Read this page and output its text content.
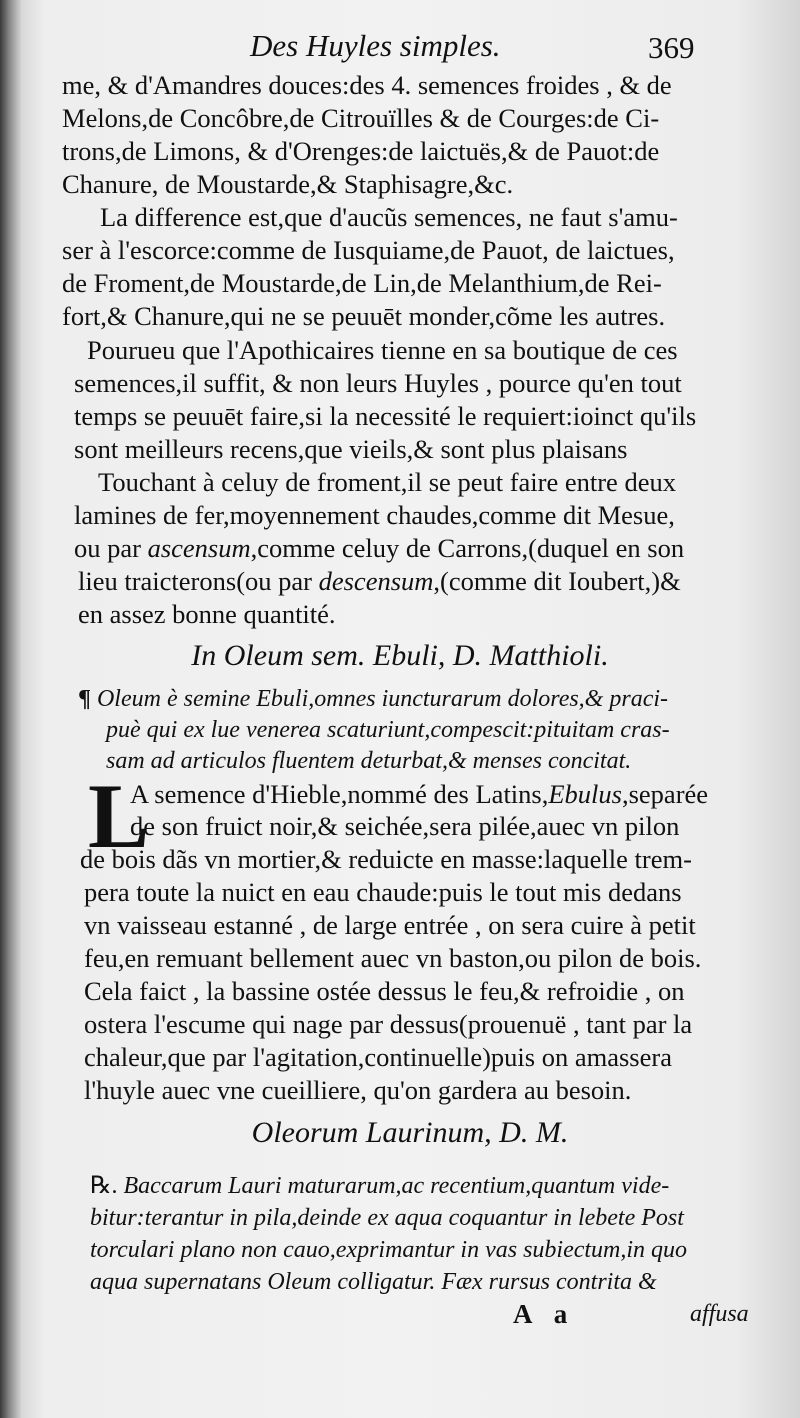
Des Huyles simples.	369
me, & d'Amandres douces:des 4. semences froides , & de
Melons,de Concôbre,de Citrouïlles & de Courges:de Ci-
trons,de Limons, & d'Orenges:de laictuës,& de Pauot:de
Chanure, de Moustarde,& Staphisagre,&c.
La difference est,que d'aucũs semences, ne faut s'amu-
ser à l'escorce:comme de Iusquiame,de Pauot, de laictues,
de Froment,de Moustarde,de Lin,de Melanthium,de Rei-
fort,& Chanure,qui ne se peuuēt monder,cõme les autres.
Pourueu que l'Apothicaires tienne en sa boutique de ces
semences,il suffit, & non leurs Huyles , pource qu'en tout
temps se peuuēt faire,si la necessité le requiert:ioinct qu'ils
sont meilleurs recens,que vieils,& sont plus plaisans
Touchant à celuy de froment,il se peut faire entre deux
lamines de fer,moyennement chaudes,comme dit Mesue,
ou par ascensum,comme celuy de Carrons,(duquel en son
lieu traicterons(ou par descensum,(comme dit Ioubert,)&
en assez bonne quantité.
In Oleum sem. Ebuli, D. Matthioli.
¶ Oleum è semine Ebuli,omnes iuncturarum dolores,& praci-
puè qui ex lue venerea scaturiunt,compescit:pituitam cras-
sam ad articulos fluentem deturbat,& menses concitat.
L
A semence d'Hieble,nommé des Latins,Ebulus,separée
de son fruict noir,& seichée,sera pilée,auec vn pilon
de bois dãs vn mortier,& reduicte en masse:laquelle trem-
pera toute la nuict en eau chaude:puis le tout mis dedans
vn vaisseau estanné , de large entrée , on sera cuire à petit
feu,en remuant bellement auec vn baston,ou pilon de bois.
Cela faict , la bassine ostée dessus le feu,& refroidie , on
ostera l'escume qui nage par dessus(prouenuë , tant par la
chaleur,que par l'agitation,continuelle)puis on amassera
l'huyle auec vne cueilliere, qu'on gardera au besoin.
Oleorum Laurinum, D. M.
℞. Baccarum Lauri maturarum,ac recentium,quantum vide-
bitur:terantur in pila,deinde ex aqua coquantur in lebete Post
torculari plano non cauo,exprimantur in vas subiectum,in quo
aqua supernatans Oleum colligatur. Fæx rursus contrita &
A a	affusa
